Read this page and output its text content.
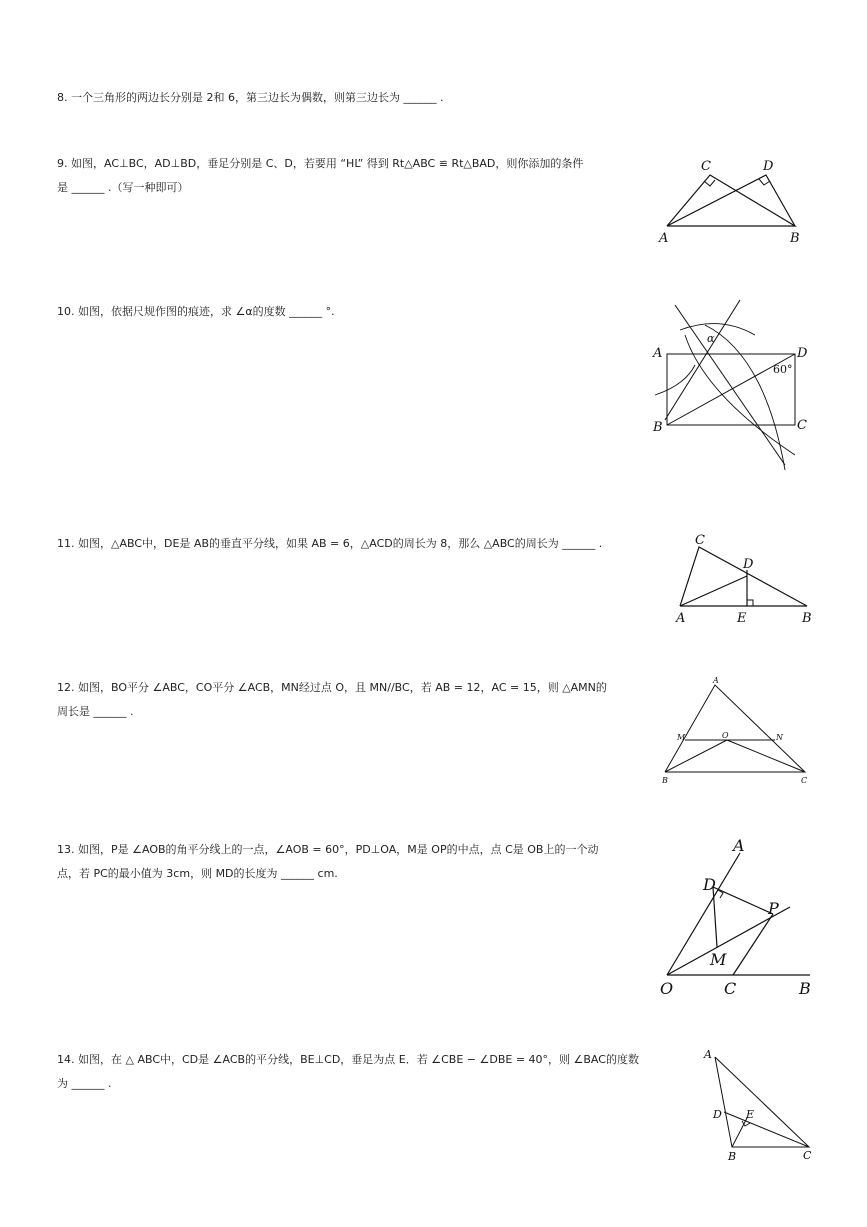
8. 一个三角形的两边长分别是 2和 6，第三边长为偶数，则第三边长为 ______ .
9. 如图，AC⊥BC，AD⊥BD，垂足分别是 C、D，若要用 “HL” 得到 Rt△ABC ≌ Rt△BAD，则你添加的条件
是 ______ .（写一种即可）
10. 如图，依据尺规作图的痕迹，求 ∠α的度数 ______ °.
11. 如图，△ABC中，DE是 AB的垂直平分线，如果 AB = 6，△ACD的周长为 8，那么 △ABC的周长为 ______ .
12. 如图，BO平分 ∠ABC，CO平分 ∠ACB，MN经过点 O，且 MN//BC，若 AB = 12，AC = 15，则 △AMN的
周长是 ______ .
13. 如图，P是 ∠AOB的角平分线上的一点，∠AOB = 60°，PD⊥OA，M是 OP的中点，点 C是 OB上的一个动
点，若 PC的最小值为 3cm，则 MD的长度为 ______ cm.
14. 如图，在 △ ABC中，CD是 ∠ACB的平分线，BE⊥CD，垂足为点 E．若 ∠CBE − ∠DBE = 40°，则 ∠BAC的度数
为 ______ .
C	D
A	B
A	D
B	C
α
60°
C
D
A	E	B
A
M	O	N
B	C
A
D
P
M
O	C	B
A
D E
B	C
